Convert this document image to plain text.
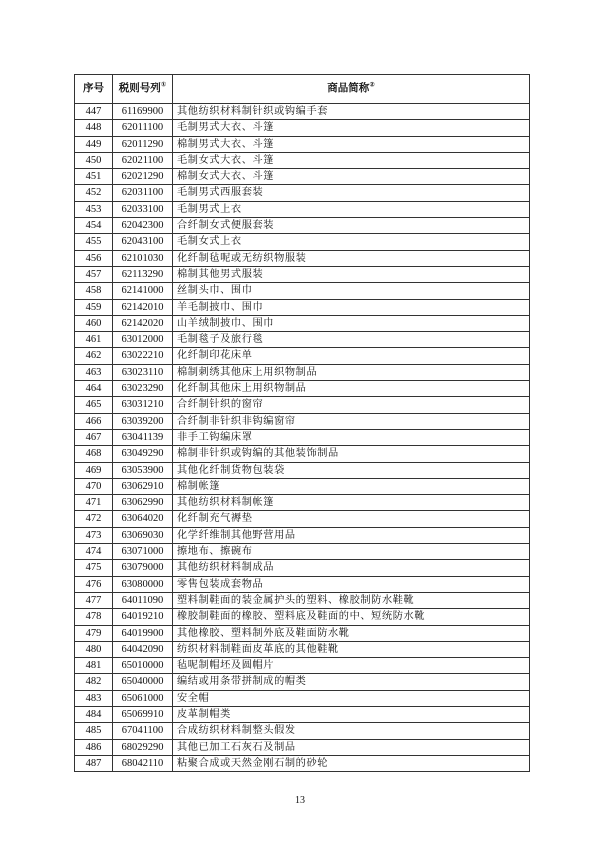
序号	税则号列①	商品简称②
447	61169900	其他纺织材料制针织或钩编手套
448	62011100	毛制男式大衣、斗篷
449	62011290	棉制男式大衣、斗篷
450	62021100	毛制女式大衣、斗篷
451	62021290	棉制女式大衣、斗篷
452	62031100	毛制男式西服套装
453	62033100	毛制男式上衣
454	62042300	合纤制女式便服套装
455	62043100	毛制女式上衣
456	62101030	化纤制毡呢或无纺织物服装
457	62113290	棉制其他男式服装
458	62141000	丝制头巾、围巾
459	62142010	羊毛制披巾、围巾
460	62142020	山羊绒制披巾、围巾
461	63012000	毛制毯子及旅行毯
462	63022210	化纤制印花床单
463	63023110	棉制刺绣其他床上用织物制品
464	63023290	化纤制其他床上用织物制品
465	63031210	合纤制针织的窗帘
466	63039200	合纤制非针织非钩编窗帘
467	63041139	非手工钩编床罩
468	63049290	棉制非针织或钩编的其他装饰制品
469	63053900	其他化纤制货物包装袋
470	63062910	棉制帐篷
471	63062990	其他纺织材料制帐篷
472	63064020	化纤制充气褥垫
473	63069030	化学纤维制其他野营用品
474	63071000	擦地布、擦碗布
475	63079000	其他纺织材料制成品
476	63080000	零售包装成套物品
477	64011090	塑料制鞋面的装金属护头的塑料、橡胶制防水鞋靴
478	64019210	橡胶制鞋面的橡胶、塑料底及鞋面的中、短统防水靴
479	64019900	其他橡胶、塑料制外底及鞋面防水靴
480	64042090	纺织材料制鞋面皮革底的其他鞋靴
481	65010000	毡呢制帽坯及圆帽片
482	65040000	编结或用条带拼制成的帽类
483	65061000	安全帽
484	65069910	皮革制帽类
485	67041100	合成纺织材料制整头假发
486	68029290	其他已加工石灰石及制品
487	68042110	粘聚合成或天然金刚石制的砂轮
13
